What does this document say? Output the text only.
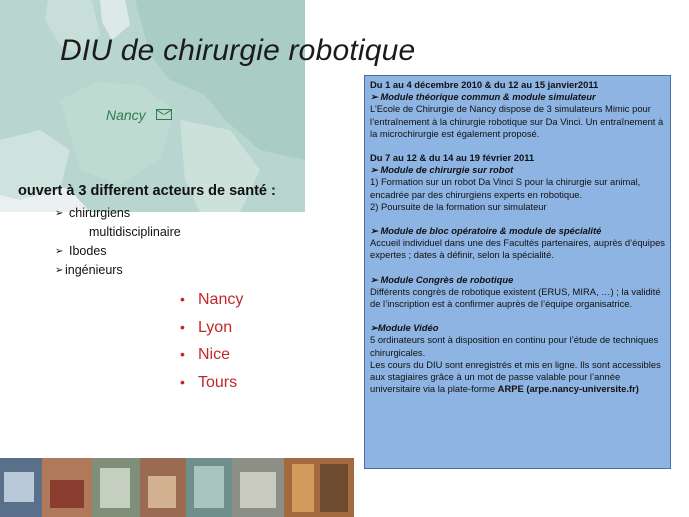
DIU de chirurgie robotique
Nancy
ouvert à 3 different acteurs de santé :
➢ chirurgiens
multidisciplinaire
➢ Ibodes
➢ ingénieurs
• Nancy
• Lyon
• Nice
• Tours

Du 1 au 4 décembre 2010 & du 12 au 15 janvier2011

➢ Module théorique commun & module simulateur

L’Ecole de Chirurgie de Nancy dispose de 3 simulateurs Mimic pour l’entraînement à la chirurgie robotique sur Da Vinci. Un entraînement à la microchirurgie est également proposé.

Du 7 au 12 & du 14 au 19 février 2011

➢ Module de chirurgie sur robot

1) Formation sur un robot Da Vinci S pour la chirurgie sur animal, encadrée par des chirurgiens experts en robotique.

2) Poursuite de la formation sur simulateur

➢ Module de bloc opératoire & module de spécialité

Accueil individuel dans une des Facultés partenaires, auprès d’équipes expertes ; dates à définir, selon la spécialité.

➢ Module Congrès de robotique

Différents congrès de robotique existent (ERUS, MIRA, …) ; la validité de l’inscription est à confirmer auprès de l’équipe organisatrice.

➢Module Vidéo

5 ordinateurs sont à disposition en continu pour l’étude de techniques chirurgicales.

Les cours du DIU sont enregistrés et mis en ligne. Ils sont accessibles aux stagiaires grâce à un mot de passe valable pour l’année universitaire via la plate-forme ARPE (arpe.nancy-universite.fr)
